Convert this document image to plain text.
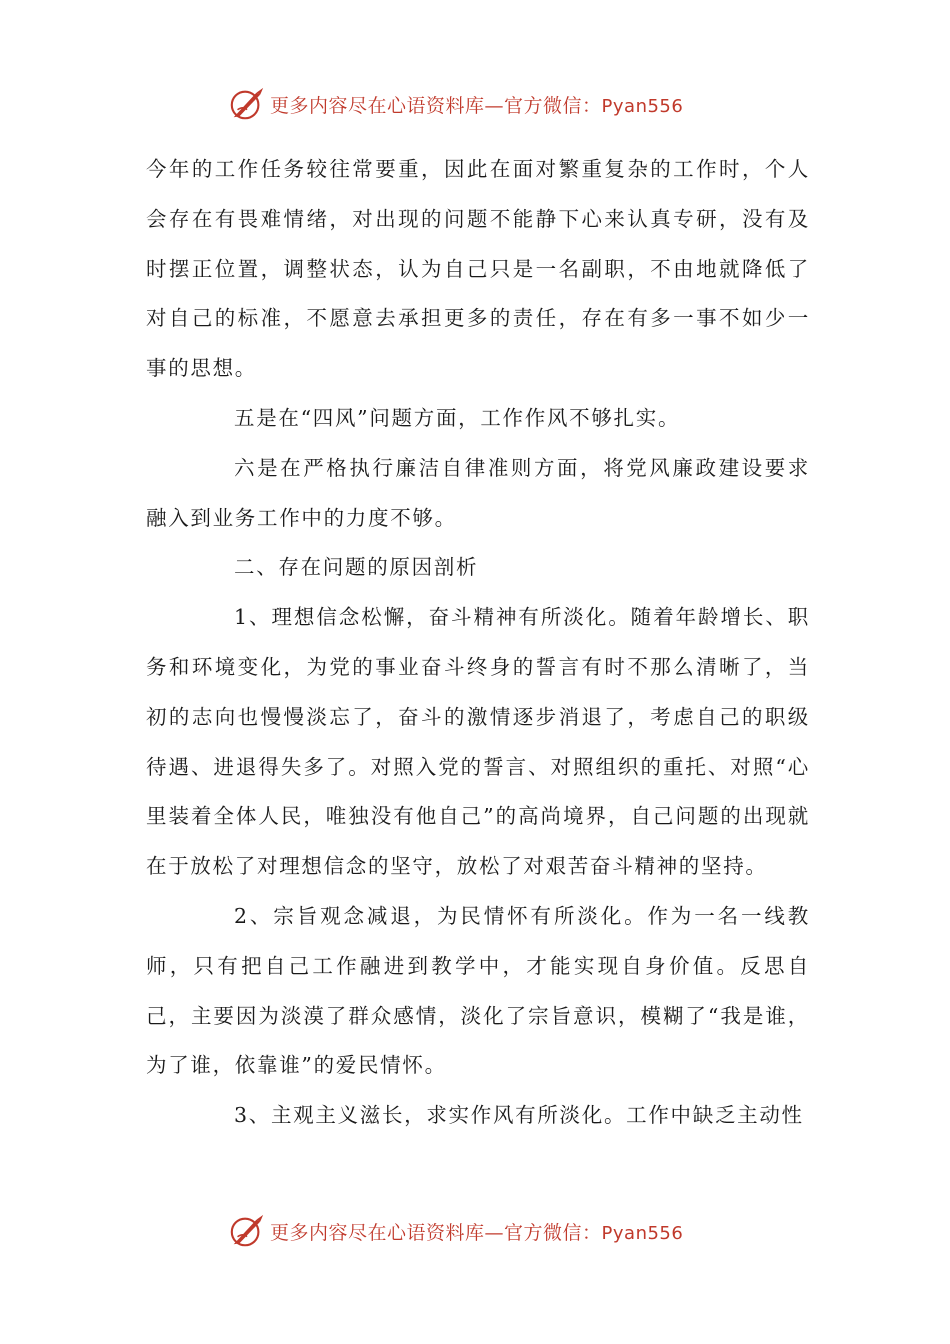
更多内容尽在心语资料库—官方微信：Pyan556

今年的工作任务较往常要重，因此在面对繁重复杂的工作时，个人会存在有畏难情绪，对出现的问题不能静下心来认真专研，没有及时摆正位置，调整状态，认为自己只是一名副职，不由地就降低了对自己的标准，不愿意去承担更多的责任，存在有多一事不如少一事的思想。

五是在“四风”问题方面，工作作风不够扎实。

六是在严格执行廉洁自律准则方面，将党风廉政建设要求融入到业务工作中的力度不够。

二、存在问题的原因剖析

1、理想信念松懈，奋斗精神有所淡化。随着年龄增长、职务和环境变化，为党的事业奋斗终身的誓言有时不那么清晰了，当初的志向也慢慢淡忘了，奋斗的激情逐步消退了，考虑自己的职级待遇、进退得失多了。对照入党的誓言、对照组织的重托、对照“心里装着全体人民，唯独没有他自己”的高尚境界，自己问题的出现就在于放松了对理想信念的坚守，放松了对艰苦奋斗精神的坚持。

2、宗旨观念减退，为民情怀有所淡化。作为一名一线教师，只有把自己工作融进到教学中，才能实现自身价值。反思自己，主要因为淡漠了群众感情，淡化了宗旨意识，模糊了“我是谁，为了谁，依靠谁”的爱民情怀。

3、主观主义滋长，求实作风有所淡化。工作中缺乏主动性

更多内容尽在心语资料库—官方微信：Pyan556
